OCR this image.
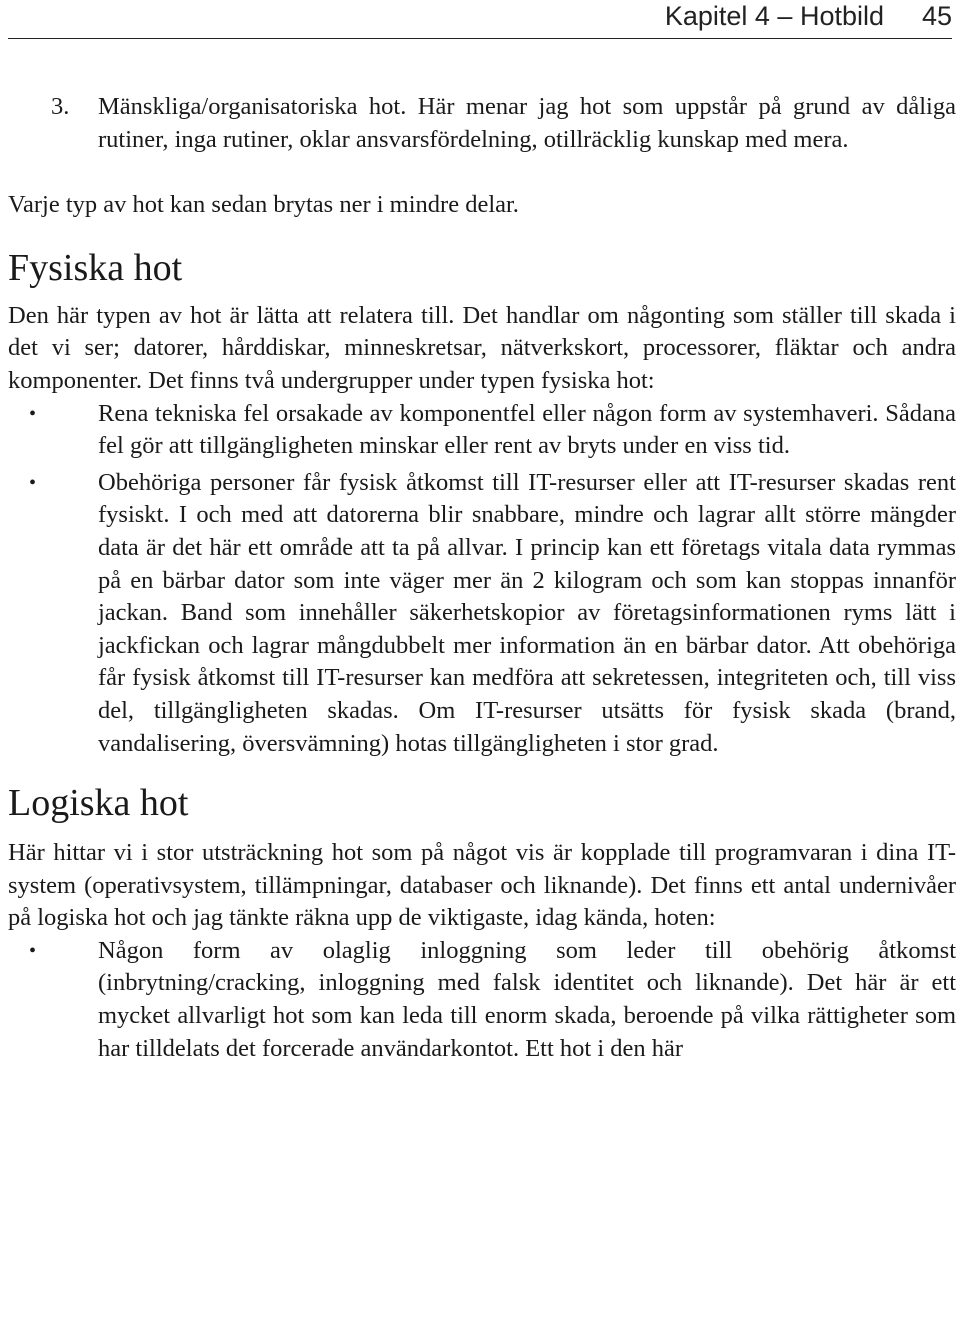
Kapitel 4 – Hotbild 45
3. Mänskliga/organisatoriska hot. Här menar jag hot som uppstår på grund av dåliga rutiner, inga rutiner, oklar ansvarsfördelning, otillräcklig kunskap med mera.

Varje typ av hot kan sedan brytas ner i mindre delar.

Fysiska hot

Den här typen av hot är lätta att relatera till. Det handlar om någonting som ställer till skada i det vi ser; datorer, hårddiskar, minneskretsar, nätverkskort, processorer, fläktar och andra komponenter. Det finns två undergrupper under typen fysiska hot:

•	Rena tekniska fel orsakade av komponentfel eller någon form av systemhaveri. Sådana fel gör att tillgängligheten minskar eller rent av bryts under en viss tid.
•	Obehöriga personer får fysisk åtkomst till IT-resurser eller att IT-resurser skadas rent fysiskt. I och med att datorerna blir snabbare, mindre och lagrar allt större mängder data är det här ett område att ta på allvar. I princip kan ett företags vitala data rymmas på en bärbar dator som inte väger mer än 2 kilogram och som kan stoppas innanför jackan. Band som innehåller säkerhetskopior av företagsinformationen ryms lätt i jackfickan och lagrar mångdubbelt mer information än en bärbar dator. Att obehöriga får fysisk åtkomst till IT-resurser kan medföra att sekretessen, integriteten och, till viss del, tillgängligheten skadas. Om IT-resurser utsätts för fysisk skada (brand, vandalisering, översvämning) hotas tillgängligheten i stor grad.
Logiska hot

Här hittar vi i stor utsträckning hot som på något vis är kopplade till programvaran i dina IT-system (operativsystem, tillämpningar, databaser och liknande). Det finns ett antal undernivåer på logiska hot och jag tänkte räkna upp de viktigaste, idag kända, hoten:

•	Någon form av olaglig inloggning som leder till obehörig åtkomst (inbrytning/cracking, inloggning med falsk identitet och liknande). Det här är ett mycket allvarligt hot som kan leda till enorm skada, beroende på vilka rättigheter som har tilldelats det forcerade användarkontot. Ett hot i den här
